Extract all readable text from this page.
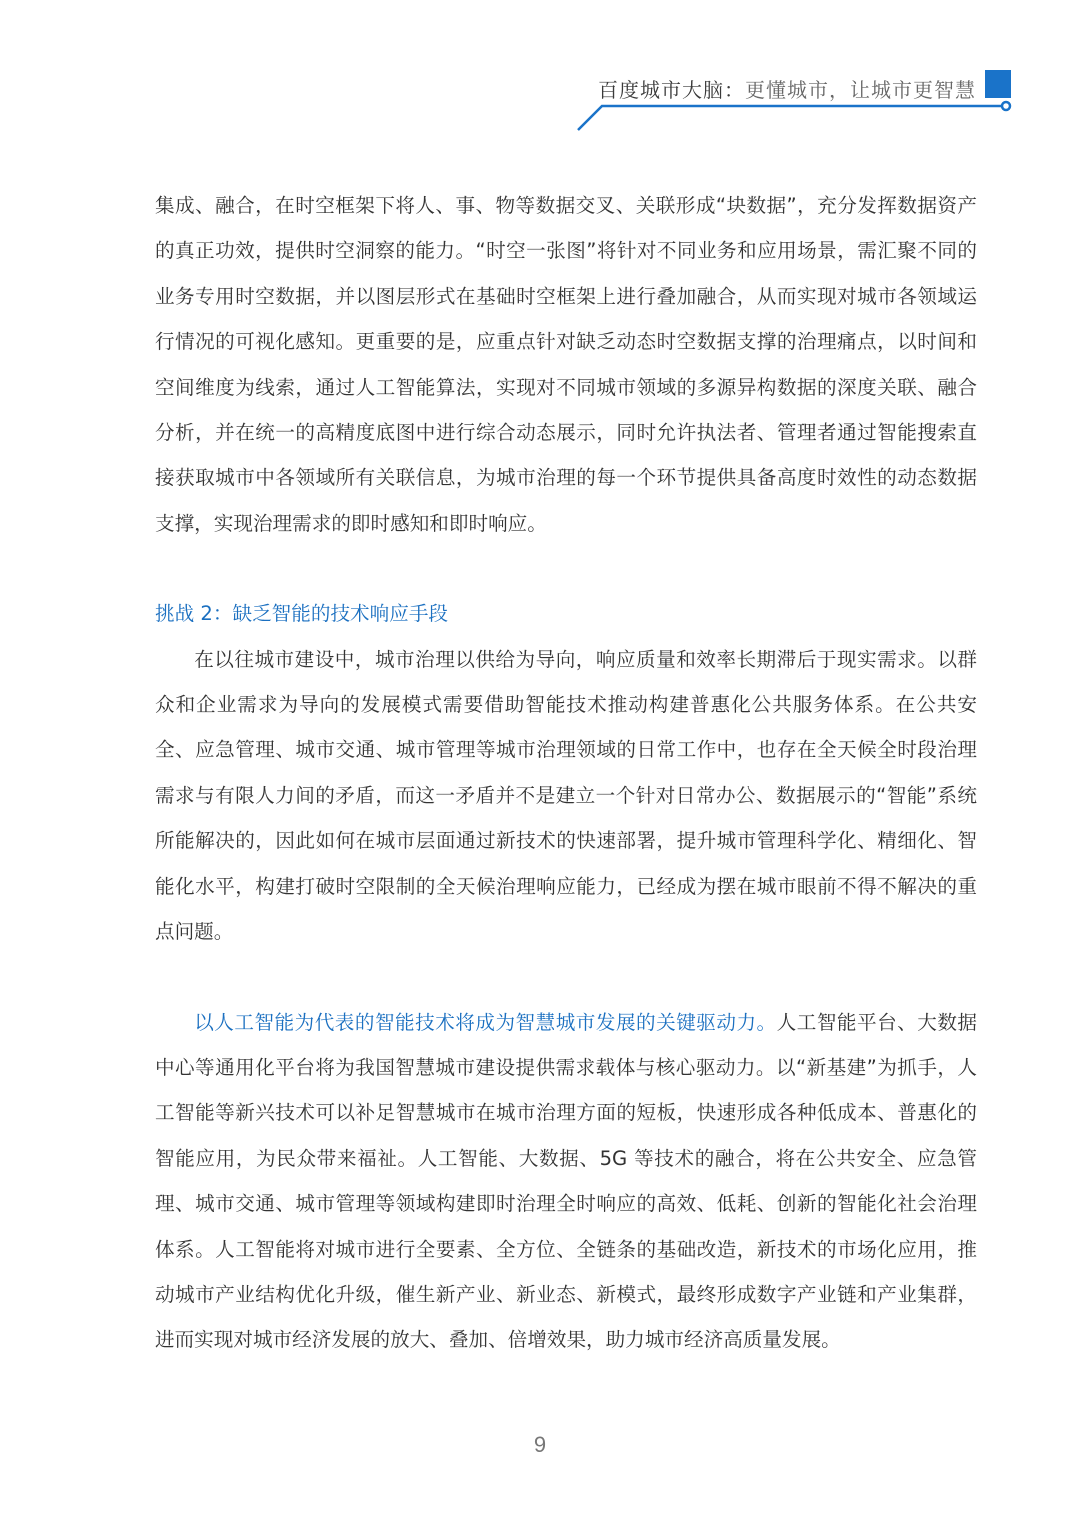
百度城市大脑：更懂城市，让城市更智慧

集成、融合，在时空框架下将人、事、物等数据交叉、关联形成“块数据”，充分发挥数据资产的真正功效，提供时空洞察的能力。“时空一张图”将针对不同业务和应用场景，需汇聚不同的业务专用时空数据，并以图层形式在基础时空框架上进行叠加融合，从而实现对城市各领域运行情况的可视化感知。更重要的是，应重点针对缺乏动态时空数据支撑的治理痛点，以时间和空间维度为线索，通过人工智能算法，实现对不同城市领域的多源异构数据的深度关联、融合分析，并在统一的高精度底图中进行综合动态展示，同时允许执法者、管理者通过智能搜索直接获取城市中各领域所有关联信息，为城市治理的每一个环节提供具备高度时效性的动态数据支撑，实现治理需求的即时感知和即时响应。

挑战 2：缺乏智能的技术响应手段

在以往城市建设中，城市治理以供给为导向，响应质量和效率长期滞后于现实需求。以群众和企业需求为导向的发展模式需要借助智能技术推动构建普惠化公共服务体系。在公共安全、应急管理、城市交通、城市管理等城市治理领域的日常工作中，也存在全天候全时段治理需求与有限人力间的矛盾，而这一矛盾并不是建立一个针对日常办公、数据展示的“智能”系统所能解决的，因此如何在城市层面通过新技术的快速部署，提升城市管理科学化、精细化、智能化水平，构建打破时空限制的全天候治理响应能力，已经成为摆在城市眼前不得不解决的重点问题。

以人工智能为代表的智能技术将成为智慧城市发展的关键驱动力。人工智能平台、大数据中心等通用化平台将为我国智慧城市建设提供需求载体与核心驱动力。以“新基建”为抓手，人工智能等新兴技术可以补足智慧城市在城市治理方面的短板，快速形成各种低成本、普惠化的智能应用，为民众带来福祉。人工智能、大数据、5G 等技术的融合，将在公共安全、应急管理、城市交通、城市管理等领域构建即时治理全时响应的高效、低耗、创新的智能化社会治理体系。人工智能将对城市进行全要素、全方位、全链条的基础改造，新技术的市场化应用，推动城市产业结构优化升级，催生新产业、新业态、新模式，最终形成数字产业链和产业集群，进而实现对城市经济发展的放大、叠加、倍增效果，助力城市经济高质量发展。

9
